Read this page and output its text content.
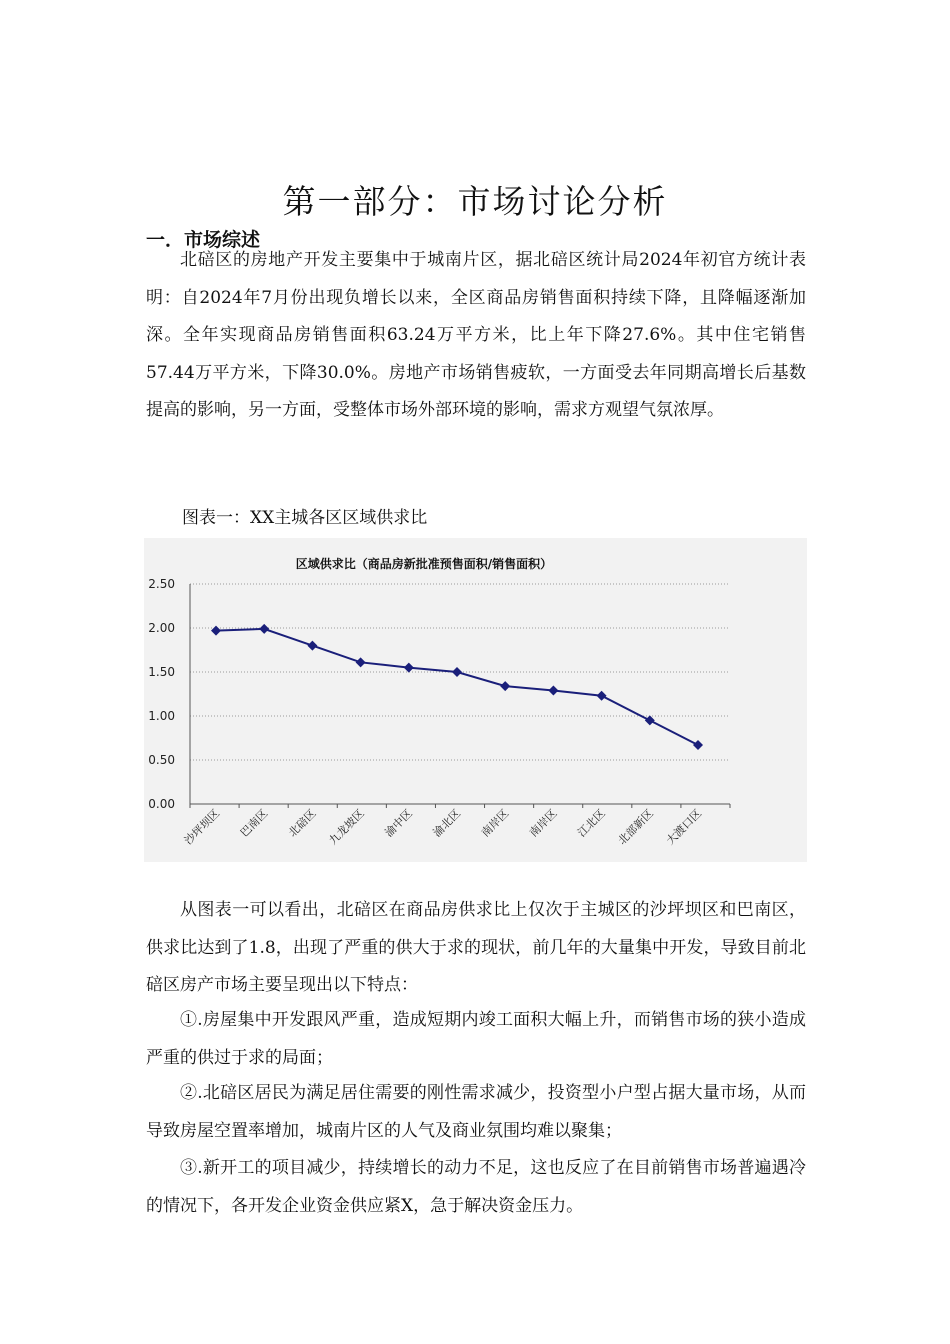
第一部分：市场讨论分析
一．市场综述

北碚区的房地产开发主要集中于城南片区，据北碚区统计局2024年初官方统计表明：自2024年7月份出现负增长以来，全区商品房销售面积持续下降，且降幅逐渐加深。全年实现商品房销售面积63.24万平方米，比上年下降27.6%。其中住宅销售57.44万平方米，下降30.0%。房地产市场销售疲软，一方面受去年同期高增长后基数提高的影响，另一方面，受整体市场外部环境的影响，需求方观望气氛浓厚。

图表一：XX主城各区区域供求比

区域供求比（商品房新批准预售面积/销售面积）
0.00
0.50
1.00
1.50
2.00
2.50
沙坪坝区 巴南区 北碚区 九龙坡区 渝中区 渝北区 南岸区 南岸区 江北区 北部新区 大渡口区

从图表一可以看出，北碚区在商品房供求比上仅次于主城区的沙坪坝区和巴南区，供求比达到了1.8，出现了严重的供大于求的现状，前几年的大量集中开发，导致目前北碚区房产市场主要呈现出以下特点：

①.房屋集中开发跟风严重，造成短期内竣工面积大幅上升，而销售市场的狭小造成严重的供过于求的局面；

②.北碚区居民为满足居住需要的刚性需求减少，投资型小户型占据大量市场，从而导致房屋空置率增加，城南片区的人气及商业氛围均难以聚集；

③.新开工的项目减少，持续增长的动力不足，这也反应了在目前销售市场普遍遇冷的情况下，各开发企业资金供应紧X，急于解决资金压力。
